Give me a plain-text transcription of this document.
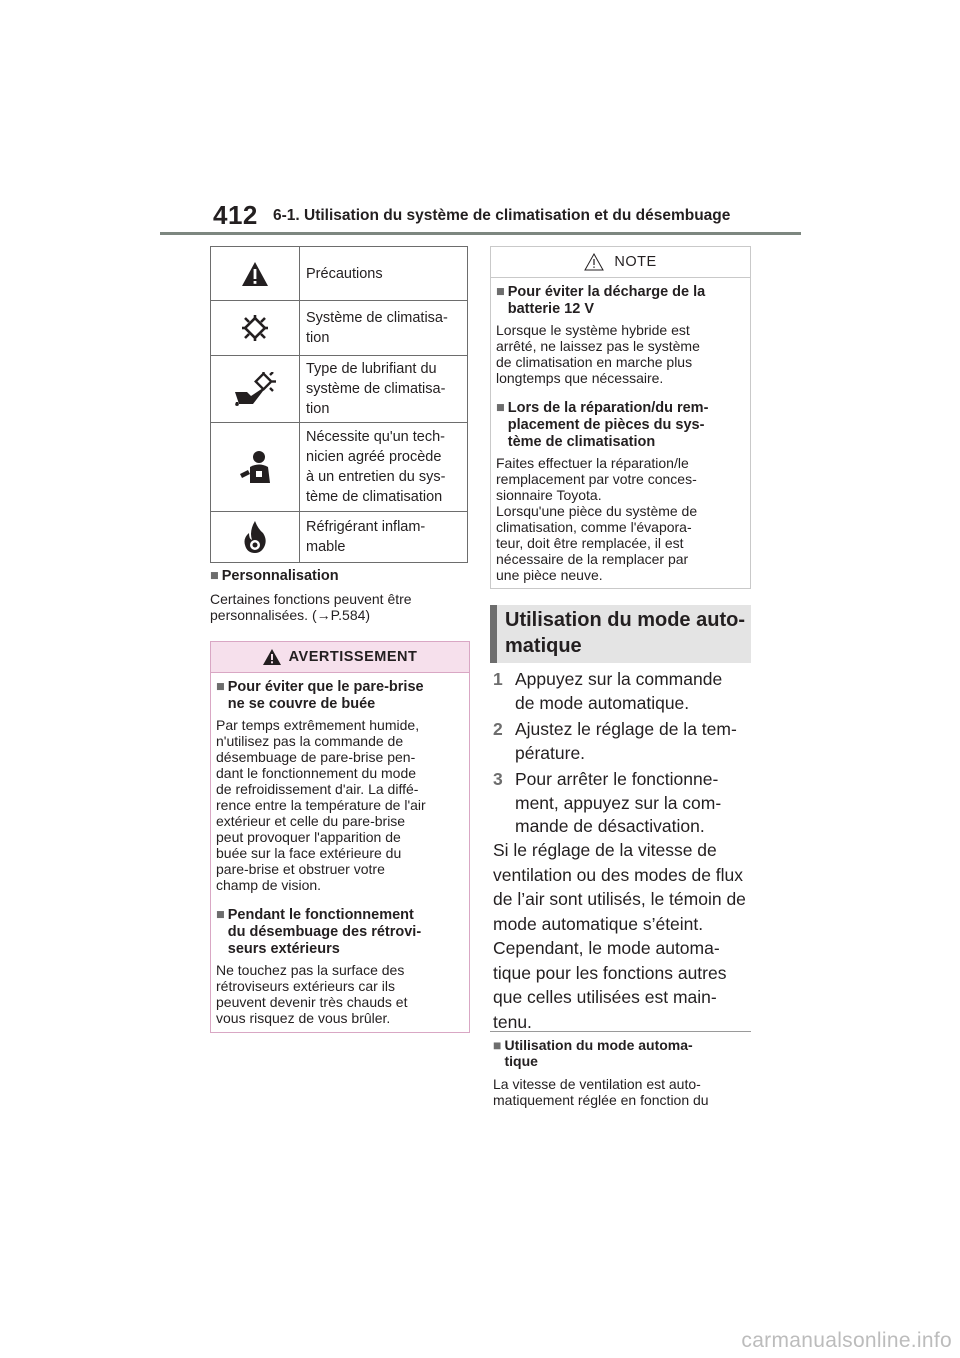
412 6-1. Utilisation du système de climatisation et du désembuage
Précautions
Système de climatisa-
tion
Type de lubrifiant du
système de climatisa-
tion
Nécessite qu'un tech-
nicien agréé procède
à un entretien du sys-
tème de climatisation
Réfrigérant inflam-
mable
■ Personnalisation
Certaines fonctions peuvent être
personnalisées. (→P.584)
AVERTISSEMENT
■ Pour éviter que le pare-brise
ne se couvre de buée
Par temps extrêmement humide,
n'utilisez pas la commande de
désembuage de pare-brise pen-
dant le fonctionnement du mode
de refroidissement d'air. La diffé-
rence entre la température de l'air
extérieur et celle du pare-brise
peut provoquer l'apparition de
buée sur la face extérieure du
pare-brise et obstruer votre
champ de vision.
■ Pendant le fonctionnement
du désembuage des rétrovi-
seurs extérieurs
Ne touchez pas la surface des
rétroviseurs extérieurs car ils
peuvent devenir très chauds et
vous risquez de vous brûler.
NOTE
■ Pour éviter la décharge de la
batterie 12 V
Lorsque le système hybride est
arrêté, ne laissez pas le système
de climatisation en marche plus
longtemps que nécessaire.
■ Lors de la réparation/du rem-
placement de pièces du sys-
tème de climatisation
Faites effectuer la réparation/le
remplacement par votre conces-
sionnaire Toyota.
Lorsqu'une pièce du système de
climatisation, comme l'évapora-
teur, doit être remplacée, il est
nécessaire de la remplacer par
une pièce neuve.
Utilisation du mode auto-
matique
1 Appuyez sur la commande
de mode automatique.
2 Ajustez le réglage de la tem-
pérature.
3 Pour arrêter le fonctionne-
ment, appuyez sur la com-
mande de désactivation.
Si le réglage de la vitesse de
ventilation ou des modes de flux
de l’air sont utilisés, le témoin de
mode automatique s’éteint.
Cependant, le mode automa-
tique pour les fonctions autres
que celles utilisées est main-
tenu.
■ Utilisation du mode automa-
tique
La vitesse de ventilation est auto-
matiquement réglée en fonction du
carmanualsonline.info
